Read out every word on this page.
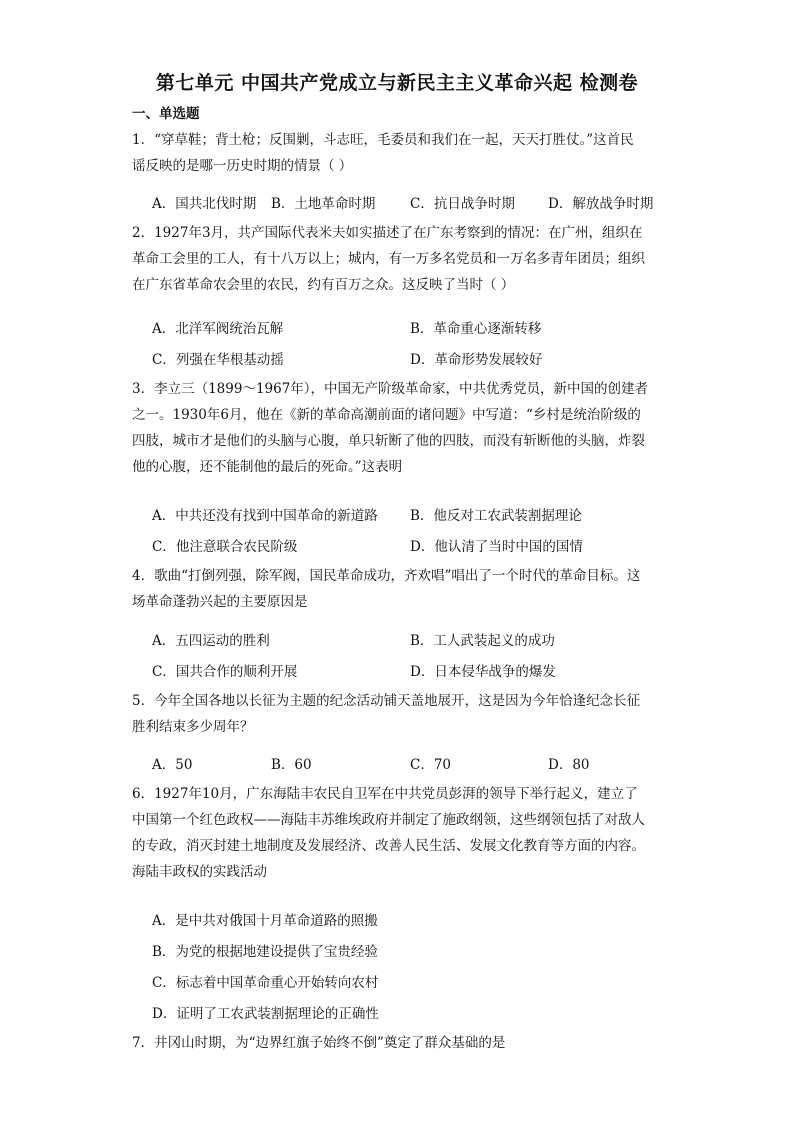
第七单元 中国共产党成立与新民主主义革命兴起 检测卷
一、单选题
1．“穿草鞋；背土枪；反围剿，斗志旺，毛委员和我们在一起，天天打胜仗。”这首民
谣反映的是哪一历史时期的情景（ ）
A．国共北伐时期 B．土地革命时期	C．抗日战争时期 D．解放战争时期
2．1927年3月，共产国际代表米夫如实描述了在广东考察到的情况：在广州，组织在
革命工会里的工人，有十八万以上；城内，有一万多名党员和一万名多青年团员；组织
在广东省革命农会里的农民，约有百万之众。这反映了当时（ ）
A．北洋军阀统治瓦解	B．革命重心逐渐转移
C．列强在华根基动摇	D．革命形势发展较好
3．李立三（1899～1967年），中国无产阶级革命家，中共优秀党员，新中国的创建者
之一。1930年6月，他在《新的革命高潮前面的诸问题》中写道：“乡村是统治阶级的
四肢，城市才是他们的头脑与心腹，单只斩断了他的四肢，而没有斩断他的头脑，炸裂
他的心腹，还不能制他的最后的死命。”这表明
A．中共还没有找到中国革命的新道路 B．他反对工农武装割据理论
C．他注意联合农民阶级	D．他认清了当时中国的国情
4．歌曲“打倒列强，除军阀，国民革命成功，齐欢唱”唱出了一个时代的革命目标。这
场革命蓬勃兴起的主要原因是
A．五四运动的胜利	B．工人武装起义的成功
C．国共合作的顺利开展	D．日本侵华战争的爆发
5．今年全国各地以长征为主题的纪念活动铺天盖地展开，这是因为今年恰逢纪念长征
胜利结束多少周年？
A．50	B．60	C．70	D．80
6．1927年10月，广东海陆丰农民自卫军在中共党员彭湃的领导下举行起义，建立了
中国第一个红色政权——海陆丰苏维埃政府并制定了施政纲领，这些纲领包括了对敌人
的专政，消灭封建土地制度及发展经济、改善人民生活、发展文化教育等方面的内容。
海陆丰政权的实践活动
A．是中共对俄国十月革命道路的照搬
B．为党的根据地建设提供了宝贵经验
C．标志着中国革命重心开始转向农村
D．证明了工农武装割据理论的正确性
7．井冈山时期，为“边界红旗子始终不倒”奠定了群众基础的是
